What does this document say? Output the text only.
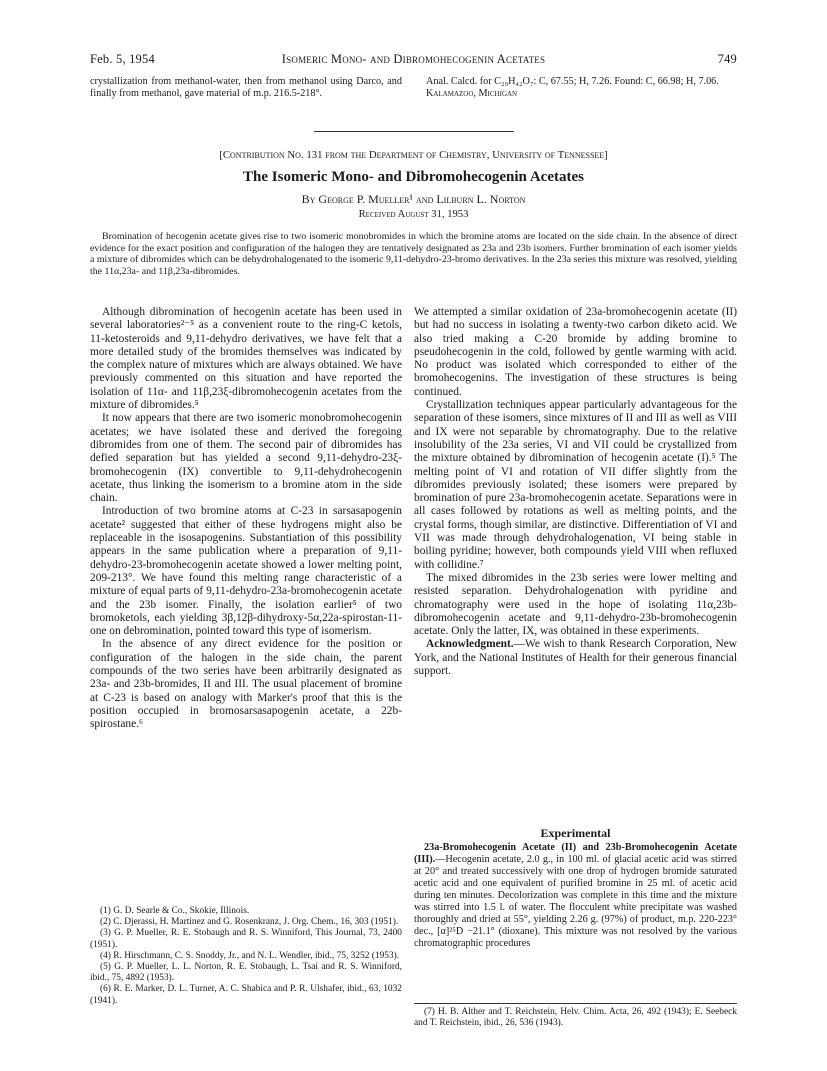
Feb. 5, 1954	Isomeric Mono- and Dibromohecogenin Acetates	749

crystallization from methanol-water, then from methanol using Darco, and finally from methanol, gave material of m.p. 216.5-218°.

Anal. Calcd. for C₂₉H₄₂O₇: C, 67.55; H, 7.26. Found: C, 66.98; H, 7.06.

Kalamazoo, Michigan

[Contribution No. 131 from the Department of Chemistry, University of Tennessee]
The Isomeric Mono- and Dibromohecogenin Acetates
By George P. Mueller¹ and Lilburn L. Norton
Received August 31, 1953

Bromination of hecogenin acetate gives rise to two isomeric monobromides in which the bromine atoms are located on the side chain. In the absence of direct evidence for the exact position and configuration of the halogen they are tentatively designated as 23a and 23b isomers. Further bromination of each isomer yields a mixture of dibromides which can be dehydrohalogenated to the isomeric 9,11-dehydro-23-bromo derivatives. In the 23a series this mixture was resolved, yielding the 11α,23a- and 11β,23a-dibromides.

Although dibromination of hecogenin acetate has been used in several laboratories²⁻⁵ as a convenient route to the ring-C ketols, 11-ketosteroids and 9,11-dehydro derivatives, we have felt that a more detailed study of the bromides themselves was indicated by the complex nature of mixtures which are always obtained. We have previously commented on this situation and have reported the isolation of 11α- and 11β,23ξ-dibromohecogenin acetates from the mixture of dibromides.⁵

It now appears that there are two isomeric monobromohecogenin acetates; we have isolated these and derived the foregoing dibromides from one of them. The second pair of dibromides has defied separation but has yielded a second 9,11-dehydro-23ξ-bromohecogenin (IX) convertible to 9,11-dehydrohecogenin acetate, thus linking the isomerism to a bromine atom in the side chain.

Introduction of two bromine atoms at C-23 in sarsasapogenin acetate² suggested that either of these hydrogens might also be replaceable in the isosapogenins. Substantiation of this possibility appears in the same publication where a preparation of 9,11-dehydro-23-bromohecogenin acetate showed a lower melting point, 209-213°. We have found this melting range characteristic of a mixture of equal parts of 9,11-dehydro-23a-bromohecogenin acetate and the 23b isomer. Finally, the isolation earlier⁵ of two bromoketols, each yielding 3β,12β-dihydroxy-5α,22a-spirostan-11-one on debromination, pointed toward this type of isomerism.

In the absence of any direct evidence for the position or configuration of the halogen in the side chain, the parent compounds of the two series have been arbitrarily designated as 23a- and 23b-bromides, II and III. The usual placement of bromine at C-23 is based on analogy with Marker's proof that this is the position occupied in bromosarsasapogenin acetate, a 22b-spirostane.⁶

(1) G. D. Searle & Co., Skokie, Illinois.

(2) C. Djerassi, H. Martinez and G. Rosenkranz, J. Org. Chem., 16, 303 (1951).

(3) G. P. Mueller, R. E. Stobaugh and R. S. Winniford, This Journal, 73, 2400 (1951).

(4) R. Hirschmann, C. S. Snoddy, Jr., and N. L. Wendler, ibid., 75, 3252 (1953).

(5) G. P. Mueller, L. L. Norton, R. E. Stobaugh, L. Tsai and R. S. Winniford, ibid., 75, 4892 (1953).

(6) R. E. Marker, D. L. Turner, A. C. Shabica and P. R. Ulshafer, ibid., 63, 1032 (1941).

We attempted a similar oxidation of 23a-bromohecogenin acetate (II) but had no success in isolating a twenty-two carbon diketo acid. We also tried making a C-20 bromide by adding bromine to pseudohecogenin in the cold, followed by gentle warming with acid. No product was isolated which corresponded to either of the bromohecogenins. The investigation of these structures is being continued.

Crystallization techniques appear particularly advantageous for the separation of these isomers, since mixtures of II and III as well as VIII and IX were not separable by chromatography. Due to the relative insolubility of the 23a series, VI and VII could be crystallized from the mixture obtained by dibromination of hecogenin acetate (I).⁵ The melting point of VI and rotation of VII differ slightly from the dibromides previously isolated; these isomers were prepared by bromination of pure 23a-bromohecogenin acetate. Separations were in all cases followed by rotations as well as melting points, and the crystal forms, though similar, are distinctive. Differentiation of VI and VII was made through dehydrohalogenation, VI being stable in boiling pyridine; however, both compounds yield VIII when refluxed with collidine.⁷

The mixed dibromides in the 23b series were lower melting and resisted separation. Dehydrohalogenation with pyridine and chromatography were used in the hope of isolating 11α,23b-dibromohecogenin acetate and 9,11-dehydro-23b-bromohecogenin acetate. Only the latter, IX, was obtained in these experiments.

Acknowledgment.—We wish to thank Research Corporation, New York, and the National Institutes of Health for their generous financial support.

Experimental

23a-Bromohecogenin Acetate (II) and 23b-Bromohecogenin Acetate (III).—Hecogenin acetate, 2.0 g., in 100 ml. of glacial acetic acid was stirred at 20° and treated successively with one drop of hydrogen bromide saturated acetic acid and one equivalent of purified bromine in 25 ml. of acetic acid during ten minutes. Decolorization was complete in this time and the mixture was stirred into 1.5 l. of water. The flocculent white precipitate was washed thoroughly and dried at 55°, yielding 2.26 g. (97%) of product, m.p. 220-223° dec., [α]²⁵D −21.1° (dioxane). This mixture was not resolved by the various chromatographic procedures

(7) H. B. Alther and T. Reichstein, Helv. Chim. Acta, 26, 492 (1943); E. Seebeck and T. Reichstein, ibid., 26, 536 (1943).
